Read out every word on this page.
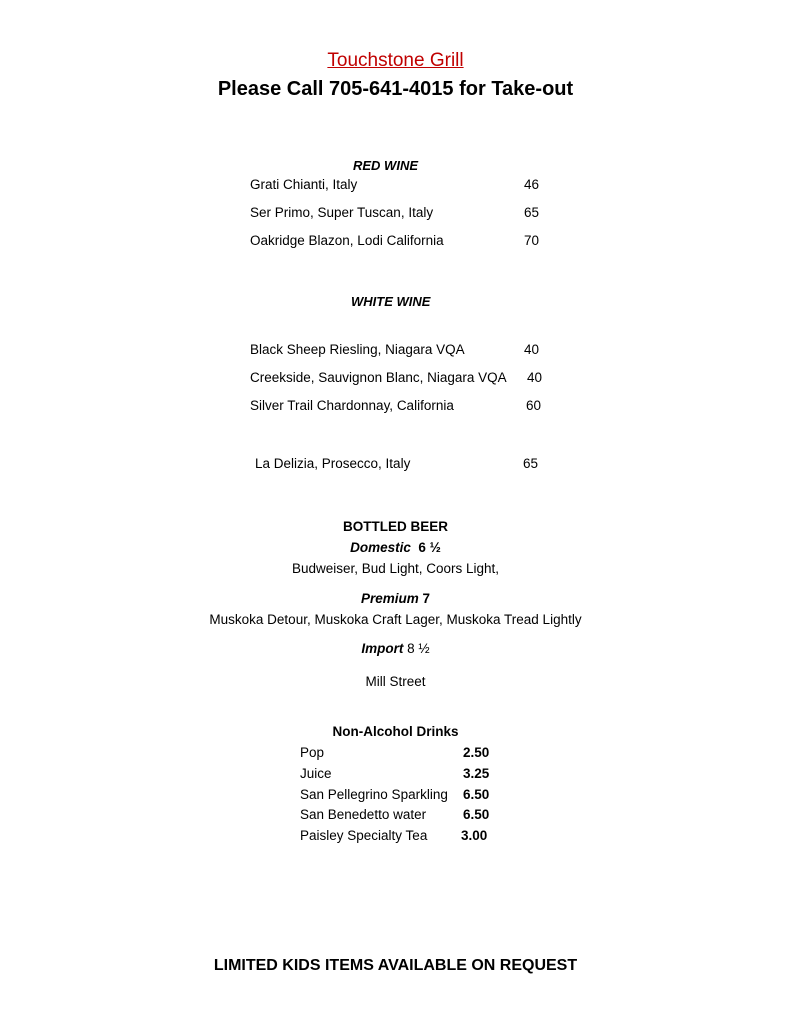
Touchstone Grill
Please Call 705-641-4015 for Take-out
RED WINE
Grati Chianti, Italy	46
Ser Primo, Super Tuscan, Italy	65
Oakridge Blazon, Lodi California	70
WHITE WINE
Black Sheep Riesling, Niagara VQA	40
Creekside, Sauvignon Blanc, Niagara VQA 40
Silver Trail Chardonnay, California	60
La Delizia, Prosecco, Italy	65
BOTTLED BEER
Domestic 6 ½
Budweiser, Bud Light, Coors Light,
Premium 7
Muskoka Detour, Muskoka Craft Lager, Muskoka Tread Lightly
Import 8 ½
Mill Street
Non-Alcohol Drinks
Pop	2.50
Juice	3.25
San Pellegrino Sparkling 6.50
San Benedetto water	6.50
Paisley Specialty Tea 3.00
LIMITED KIDS ITEMS AVAILABLE ON REQUEST
